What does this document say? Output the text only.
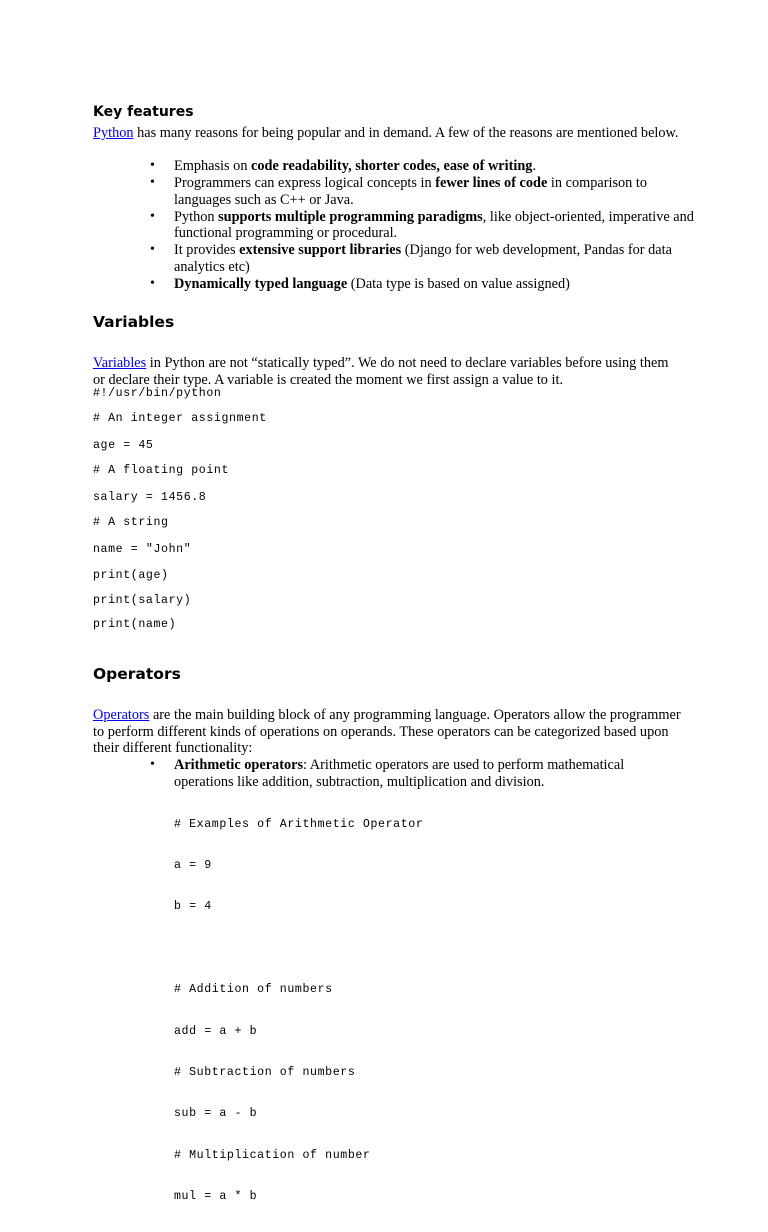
Key features
Python has many reasons for being popular and in demand. A few of the reasons are mentioned below.
• Emphasis on code readability, shorter codes, ease of writing.
• Programmers can express logical concepts in fewer lines of code in comparison to languages such as C++ or Java.
• Python supports multiple programming paradigms, like object-oriented, imperative and functional programming or procedural.
• It provides extensive support libraries (Django for web development, Pandas for data analytics etc)
• Dynamically typed language (Data type is based on value assigned)
Variables
Variables in Python are not “statically typed”. We do not need to declare variables before using them or declare their type. A variable is created the moment we first assign a value to it.
#!/usr/bin/python
# An integer assignment
age = 45
# A floating point
salary = 1456.8
# A string
name = "John"
print(age)
print(salary)
print(name)
Operators
Operators are the main building block of any programming language. Operators allow the programmer to perform different kinds of operations on operands. These operators can be categorized based upon their different functionality:
• Arithmetic operators: Arithmetic operators are used to perform mathematical operations like addition, subtraction, multiplication and division.

# Examples of Arithmetic Operator

a = 9

b = 4

# Addition of numbers

add = a + b

# Subtraction of numbers

sub = a - b

# Multiplication of number

mul = a * b
